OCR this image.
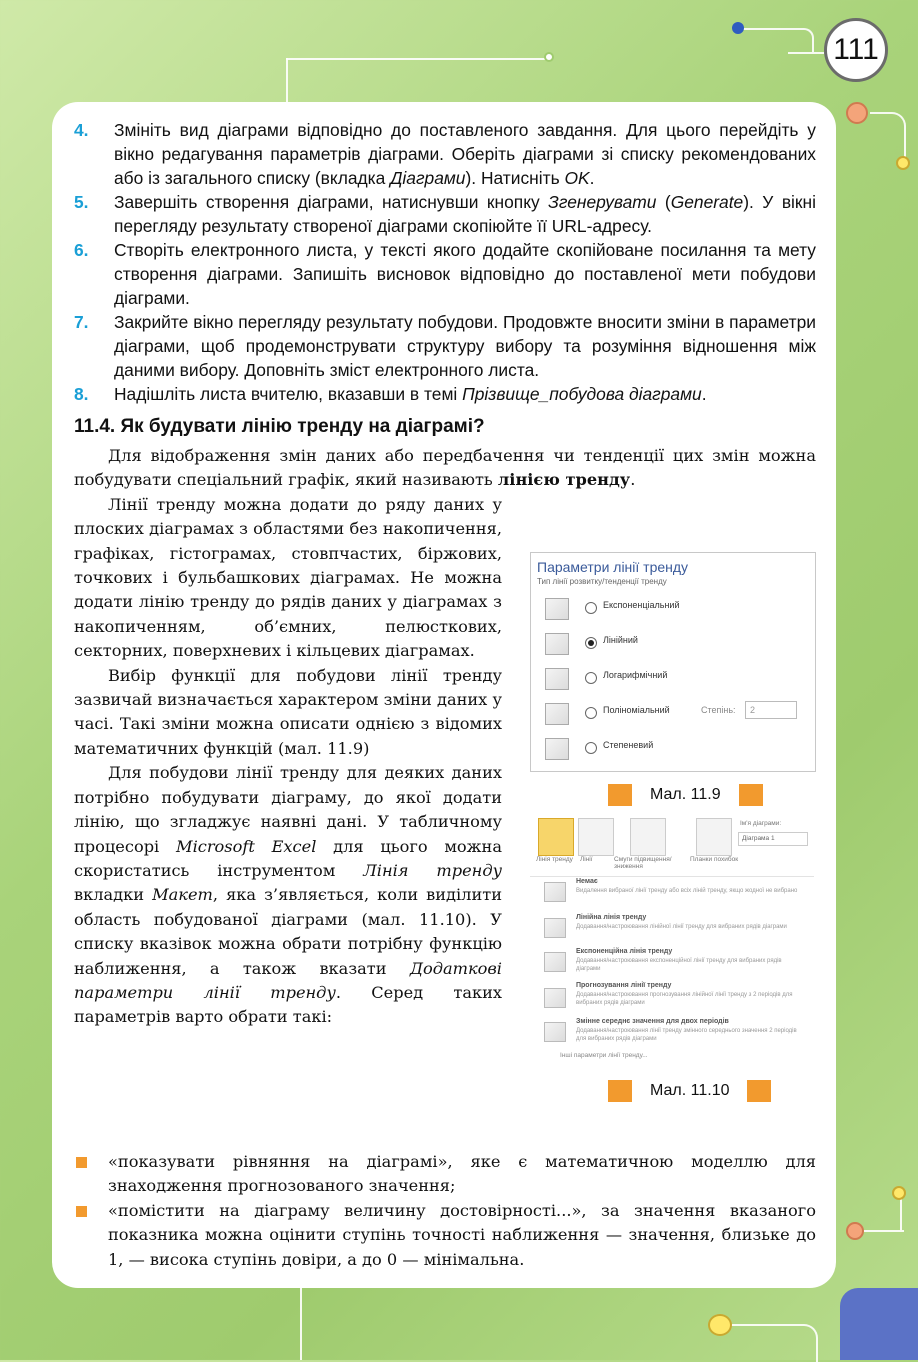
111
4. Змініть вид діаграми відповідно до поставленого завдання. Для цього перейдіть у вікно редагування параметрів діаграми. Оберіть діаграми зі списку рекомендованих або із загального списку (вкладка Діаграми). Натисніть OK.
5. Завершіть створення діаграми, натиснувши кнопку Згенерувати (Generate). У вікні перегляду результату створеної діаграми скопіюйте її URL-адресу.
6. Створіть електронного листа, у тексті якого додайте скопійоване посилання та мету створення діаграми. Запишіть висновок відповідно до поставленої мети побудови діаграми.
7. Закрийте вікно перегляду результату побудови. Продовжте вносити зміни в параметри діаграми, щоб продемонструвати структуру вибору та розуміння відношення між даними вибору. Доповніть зміст електронного листа.
8. Надішліть листа вчителю, вказавши в темі Прізвище_побудова діаграми.
11.4. Як будувати лінію тренду на діаграмі?

Для відображення змін даних або передбачення чи тенденції цих змін можна побудувати спеціальний графік, який називають лінією тренду.

Лінії тренду можна додати до ряду даних у плоских діаграмах з областями без накопичення, графіках, гістограмах, стовпчастих, біржових, точкових і бульбашкових діаграмах. Не можна додати лінію тренду до рядів даних у діаграмах з накопиченням, об’ємних, пелюсткових, секторних, поверхневих і кільцевих діаграмах.

Вибір функції для побудови лінії тренду зазвичай визначається характером зміни даних у часі. Такі зміни можна описати однією з відомих математичних функцій (мал. 11.9)

Для побудови лінії тренду для деяких даних потрібно побудувати діаграму, до якої додати лінію, що згладжує наявні дані. У табличному процесорі Microsoft Excel для цього можна скористатись інструментом Лінія тренду вкладки Макет, яка з’являється, коли виділити область побудованої діаграми (мал. 11.10). У списку вказівок можна обрати потрібну функцію наближення, а також вказати Додаткові параметри лінії тренду. Серед таких параметрів варто обрати такі:

Параметри лінії тренду
Тип лінії розвитку/тенденції тренду
Експоненціальний
Лінійний
Логарифмічний
Поліноміальний	Степінь:	2
Степеневий
Мал. 11.9
Лінія тренду	Лінії	Смуги підвищення/зниження
Планки похибок
Ім'я діаграми:
Діаграма 1
Немає
Видалення вибраної лінії тренду або всіх ліній тренду, якщо жодної не вибрано
Лінійна лінія тренду
Додавання/настроювання лінійної лінії тренду для вибраних рядів діаграми
Експоненційна лінія тренду
Додавання/настроювання експоненційної лінії тренду для вибраних рядів діаграми
Прогнозування лінії тренду
Додавання/настроювання прогнозування лінійної лінії тренду з 2 періодів для вибраних рядів діаграми
Змінне середнє значення для двох періодів
Додавання/настроювання лінії тренду змінного середнього значення 2 періодів для вибраних рядів діаграми
Інші параметри лінії тренду...
Мал. 11.10
«показувати рівняння на діаграмі», яке є математичною моделлю для знаходження прогнозованого значення;
«помістити на діаграму величину достовірності...», за значення вказаного показника можна оцінити ступінь точності наближення — значення, близьке до 1, — висока ступінь довіри, а до 0 — мінімальна.
